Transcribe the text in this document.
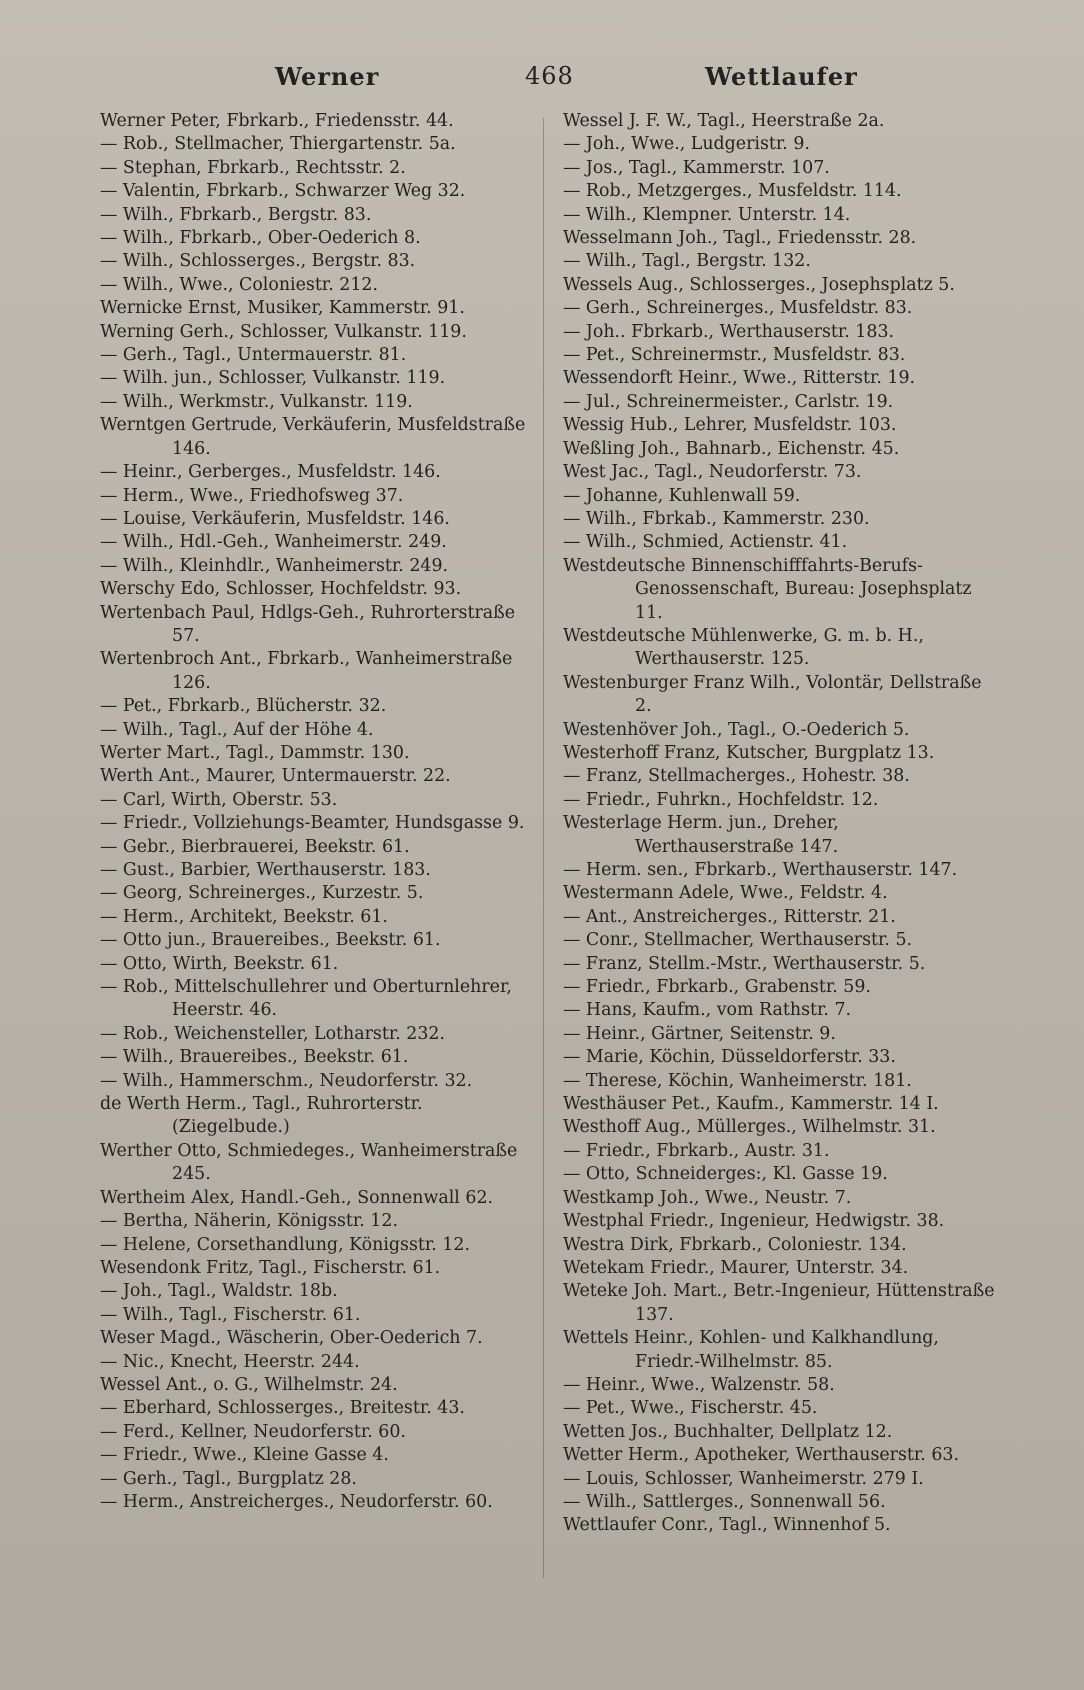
Werner	468	Wettlaufer
Werner Peter, Fbrkarb., Friedensstr. 44.
— Rob., Stellmacher, Thiergartenstr. 5a.
— Stephan, Fbrkarb., Rechtsstr. 2.
— Valentin, Fbrkarb., Schwarzer Weg 32.
— Wilh., Fbrkarb., Bergstr. 83.
— Wilh., Fbrkarb., Ober-Oederich 8.
— Wilh., Schlosserges., Bergstr. 83.
— Wilh., Wwe., Coloniestr. 212.
Wernicke Ernst, Musiker, Kammerstr. 91.
Werning Gerh., Schlosser, Vulkanstr. 119.
— Gerh., Tagl., Untermauerstr. 81.
— Wilh. jun., Schlosser, Vulkanstr. 119.
— Wilh., Werkmstr., Vulkanstr. 119.
Werntgen Gertrude, Verkäuferin, Musfeldstraße 146.
— Heinr., Gerberges., Musfeldstr. 146.
— Herm., Wwe., Friedhofsweg 37.
— Louise, Verkäuferin, Musfeldstr. 146.
— Wilh., Hdl.-Geh., Wanheimerstr. 249.
— Wilh., Kleinhdlr., Wanheimerstr. 249.
Werschy Edo, Schlosser, Hochfeldstr. 93.
Wertenbach Paul, Hdlgs-Geh., Ruhrorterstraße 57.
Wertenbroch Ant., Fbrkarb., Wanheimerstraße 126.
— Pet., Fbrkarb., Blücherstr. 32.
— Wilh., Tagl., Auf der Höhe 4.
Werter Mart., Tagl., Dammstr. 130.
Werth Ant., Maurer, Untermauerstr. 22.
— Carl, Wirth, Oberstr. 53.
— Friedr., Vollziehungs-Beamter, Hundsgasse 9.
— Gebr., Bierbrauerei, Beekstr. 61.
— Gust., Barbier, Werthauserstr. 183.
— Georg, Schreinerges., Kurzestr. 5.
— Herm., Architekt, Beekstr. 61.
— Otto jun., Brauereibes., Beekstr. 61.
— Otto, Wirth, Beekstr. 61.
— Rob., Mittelschullehrer und Oberturnlehrer, Heerstr. 46.
— Rob., Weichensteller, Lotharstr. 232.
— Wilh., Brauereibes., Beekstr. 61.
— Wilh., Hammerschm., Neudorferstr. 32.
de Werth Herm., Tagl., Ruhrorterstr. (Ziegelbude.)
Werther Otto, Schmiedeges., Wanheimerstraße 245.
Wertheim Alex, Handl.-Geh., Sonnenwall 62.
— Bertha, Näherin, Königsstr. 12.
— Helene, Corsethandlung, Königsstr. 12.
Wesendonk Fritz, Tagl., Fischerstr. 61.
— Joh., Tagl., Waldstr. 18b.
— Wilh., Tagl., Fischerstr. 61.
Weser Magd., Wäscherin, Ober-Oederich 7.
— Nic., Knecht, Heerstr. 244.
Wessel Ant., o. G., Wilhelmstr. 24.
— Eberhard, Schlosserges., Breitestr. 43.
— Ferd., Kellner, Neudorferstr. 60.
— Friedr., Wwe., Kleine Gasse 4.
— Gerh., Tagl., Burgplatz 28.
— Herm., Anstreicherges., Neudorferstr. 60.
Wessel J. F. W., Tagl., Heerstraße 2a.
— Joh., Wwe., Ludgeristr. 9.
— Jos., Tagl., Kammerstr. 107.
— Rob., Metzgerges., Musfeldstr. 114.
— Wilh., Klempner. Unterstr. 14.
Wesselmann Joh., Tagl., Friedensstr. 28.
— Wilh., Tagl., Bergstr. 132.
Wessels Aug., Schlosserges., Josephsplatz 5.
— Gerh., Schreinerges., Musfeldstr. 83.
— Joh.. Fbrkarb., Werthauserstr. 183.
— Pet., Schreinermstr., Musfeldstr. 83.
Wessendorft Heinr., Wwe., Ritterstr. 19.
— Jul., Schreinermeister., Carlstr. 19.
Wessig Hub., Lehrer, Musfeldstr. 103.
Weßling Joh., Bahnarb., Eichenstr. 45.
West Jac., Tagl., Neudorferstr. 73.
— Johanne, Kuhlenwall 59.
— Wilh., Fbrkab., Kammerstr. 230.
— Wilh., Schmied, Actienstr. 41.
Westdeutsche Binnenschifffahrts-Berufs-Genossenschaft, Bureau: Josephsplatz 11.
Westdeutsche Mühlenwerke, G. m. b. H., Werthauserstr. 125.
Westenburger Franz Wilh., Volontär, Dellstraße 2.
Westenhöver Joh., Tagl., O.-Oederich 5.
Westerhoff Franz, Kutscher, Burgplatz 13.
— Franz, Stellmacherges., Hohestr. 38.
— Friedr., Fuhrkn., Hochfeldstr. 12.
Westerlage Herm. jun., Dreher, Werthauserstraße 147.
— Herm. sen., Fbrkarb., Werthauserstr. 147.
Westermann Adele, Wwe., Feldstr. 4.
— Ant., Anstreicherges., Ritterstr. 21.
— Conr., Stellmacher, Werthauserstr. 5.
— Franz, Stellm.-Mstr., Werthauserstr. 5.
— Friedr., Fbrkarb., Grabenstr. 59.
— Hans, Kaufm., vom Rathstr. 7.
— Heinr., Gärtner, Seitenstr. 9.
— Marie, Köchin, Düsseldorferstr. 33.
— Therese, Köchin, Wanheimerstr. 181.
Westhäuser Pet., Kaufm., Kammerstr. 14 I.
Westhoff Aug., Müllerges., Wilhelmstr. 31.
— Friedr., Fbrkarb., Austr. 31.
— Otto, Schneiderges:, Kl. Gasse 19.
Westkamp Joh., Wwe., Neustr. 7.
Westphal Friedr., Ingenieur, Hedwigstr. 38.
Westra Dirk, Fbrkarb., Coloniestr. 134.
Wetekam Friedr., Maurer, Unterstr. 34.
Weteke Joh. Mart., Betr.-Ingenieur, Hüttenstraße 137.
Wettels Heinr., Kohlen- und Kalkhandlung, Friedr.-Wilhelmstr. 85.
— Heinr., Wwe., Walzenstr. 58.
— Pet., Wwe., Fischerstr. 45.
Wetten Jos., Buchhalter, Dellplatz 12.
Wetter Herm., Apotheker, Werthauserstr. 63.
— Louis, Schlosser, Wanheimerstr. 279 I.
— Wilh., Sattlerges., Sonnenwall 56.
Wettlaufer Conr., Tagl., Winnenhof 5.
